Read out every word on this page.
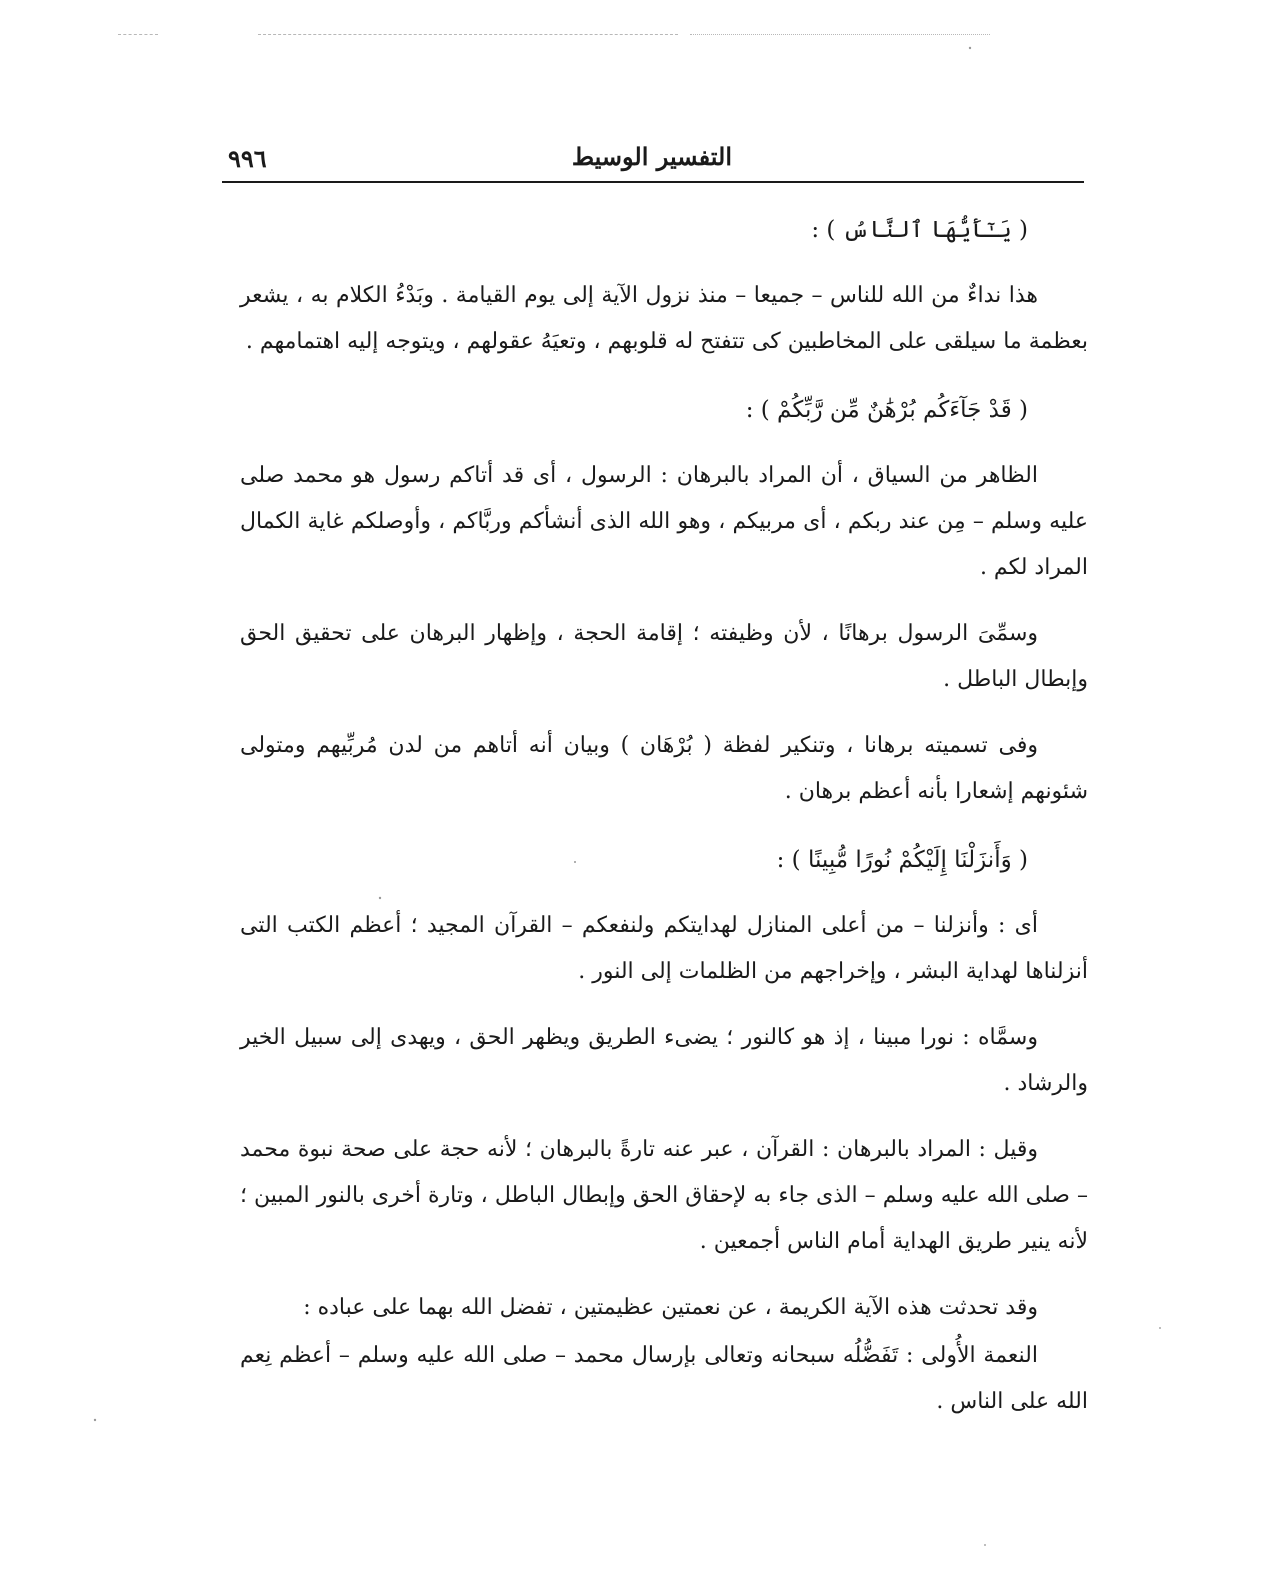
٩٩٦	التفسير الوسيط
( يَـٰٓأَيُّهَا ٱلنَّاسُ ) :

هذا نداءٌ من الله للناس – جميعا – منذ نزول الآية إلى يوم القيامة . وبَدْءُ الكلام به ، يشعر بعظمة ما سيلقى على المخاطبين كى تتفتح له قلوبهم ، وتعيَهُ عقولهم ، ويتوجه إليه اهتمامهم .

( قَدْ جَآءَكُم بُرْهَٰنٌ مِّن رَّبِّكُمْ ) :

الظاهر من السياق ، أن المراد بالبرهان : الرسول ، أى قد أتاكم رسول هو محمد صلى عليه وسلم – مِن عند ربكم ، أى مربيكم ، وهو الله الذى أنشأكم وربَّاكم ، وأوصلكم غاية الكمال المراد لكم .

وسمِّىَ الرسول برهانًا ، لأن وظيفته ؛ إقامة الحجة ، وإظهار البرهان على تحقيق الحق وإبطال الباطل .

وفى تسميته برهانا ، وتنكير لفظة ( بُرْهَان ) وبيان أنه أتاهم من لدن مُربِّيهم ومتولى شئونهم إشعارا بأنه أعظم برهان .

( وَأَنزَلْنَا إِلَيْكُمْ نُورًا مُّبِينًا ) :

أى : وأنزلنا – من أعلى المنازل لهدايتكم ولنفعكم – القرآن المجيد ؛ أعظم الكتب التى أنزلناها لهداية البشر ، وإخراجهم من الظلمات إلى النور .

وسمَّاه : نورا مبينا ، إذ هو كالنور ؛ يضىء الطريق ويظهر الحق ، ويهدى إلى سبيل الخير والرشاد .

وقيل : المراد بالبرهان : القرآن ، عبر عنه تارةً بالبرهان ؛ لأنه حجة على صحة نبوة محمد – صلى الله عليه وسلم – الذى جاء به لإحقاق الحق وإبطال الباطل ، وتارة أخرى بالنور المبين ؛ لأنه ينير طريق الهداية أمام الناس أجمعين .

وقد تحدثت هذه الآية الكريمة ، عن نعمتين عظيمتين ، تفضل الله بهما على عباده :

النعمة الأُولى : تَفَضُّلُه سبحانه وتعالى بإرسال محمد – صلى الله عليه وسلم – أعظم نِعم الله على الناس .
